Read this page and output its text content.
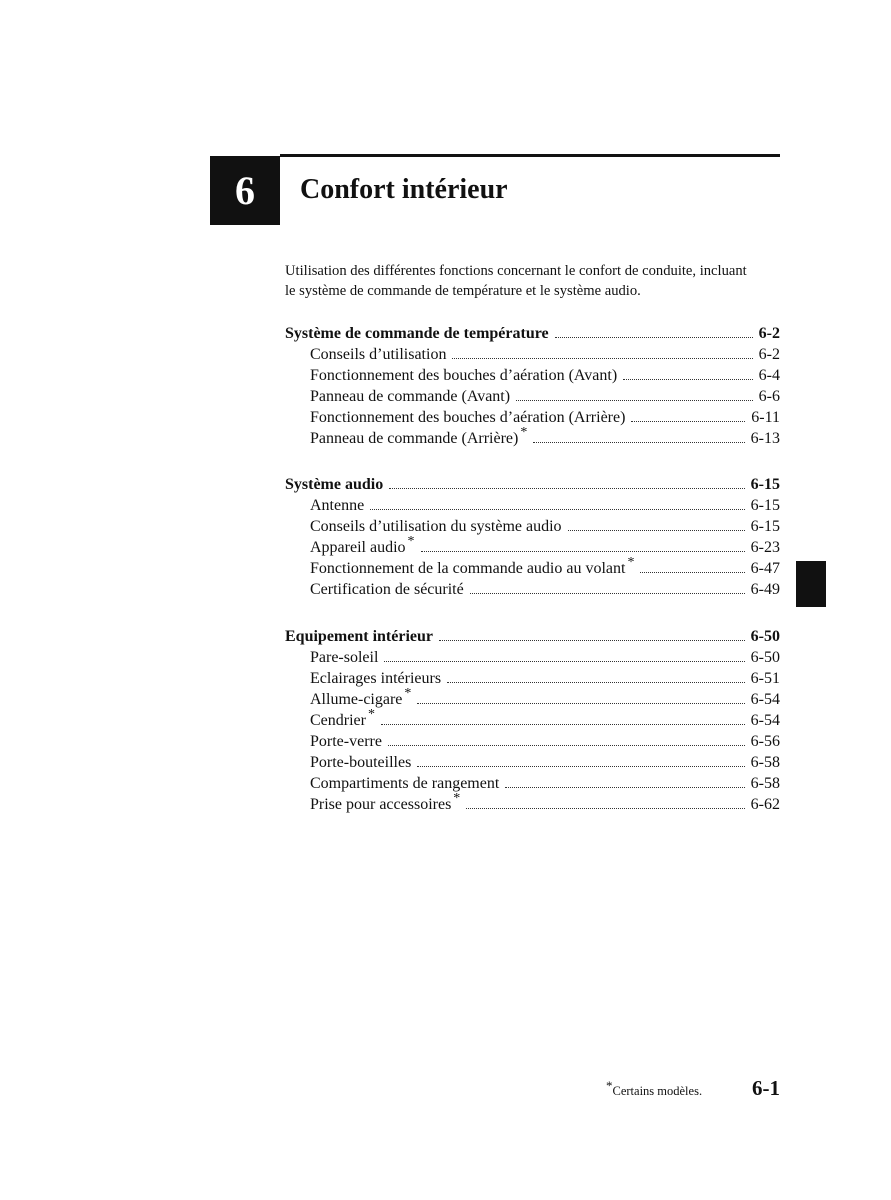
6 Confort intérieur
Utilisation des différentes fonctions concernant le confort de conduite, incluant
le système de commande de température et le système audio.
Système de commande de température	6-2
Conseils d’utilisation	6-2
Fonctionnement des bouches d’aération (Avant)	6-4
Panneau de commande (Avant)	6-6
Fonctionnement des bouches d’aération (Arrière)	6-11
Panneau de commande (Arrière) *	6-13
Système audio	6-15
Antenne	6-15
Conseils d’utilisation du système audio	6-15
Appareil audio *	6-23
Fonctionnement de la commande audio au volant *	6-47
Certification de sécurité	6-49
Equipement intérieur	6-50
Pare-soleil	6-50
Eclairages intérieurs	6-51
Allume-cigare *	6-54
Cendrier *	6-54
Porte-verre	6-56
Porte-bouteilles	6-58
Compartiments de rangement	6-58
Prise pour accessoires *	6-62
*Certains modèles. 6-1
